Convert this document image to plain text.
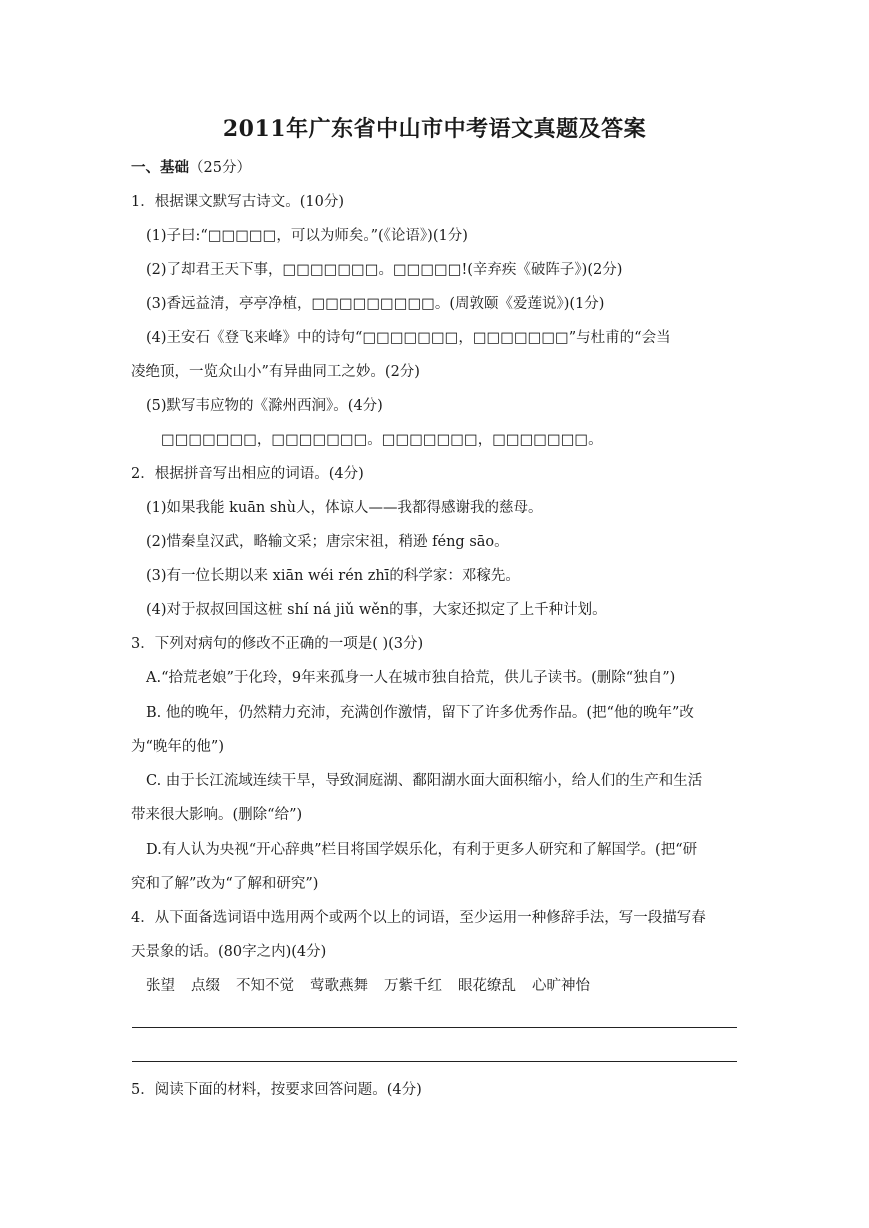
2011年广东省中山市中考语文真题及答案
一、基础（25分）
1．根据课文默写古诗文。(10分)
(1)子曰:“□□□□□，可以为师矣。”(《论语》)(1分)
(2)了却君王天下事，□□□□□□□。□□□□□!(辛弃疾《破阵子》)(2分)
(3)香远益清，亭亭净植，□□□□□□□□□。(周敦颐《爱莲说》)(1分)
(4)王安石《登飞来峰》中的诗句“□□□□□□□，□□□□□□□”与杜甫的“会当
凌绝顶，一览众山小”有异曲同工之妙。(2分)
(5)默写韦应物的《滁州西涧》。(4分)
□□□□□□□，□□□□□□□。□□□□□□□，□□□□□□□。
2．根据拼音写出相应的词语。(4分)
(1)如果我能 kuān shù人，体谅人——我都得感谢我的慈母。
(2)惜秦皇汉武，略输文采；唐宗宋祖，稍逊 féng sāo。
(3)有一位长期以来 xiān wéi rén zhī的科学家：邓稼先。
(4)对于叔叔回国这桩 shí ná jiǔ wěn的事，大家还拟定了上千种计划。
3．下列对病句的修改不正确的一项是( )(3分)
A.“拾荒老娘”于化玲，9年来孤身一人在城市独自拾荒，供儿子读书。(删除“独自”)
B. 他的晚年，仍然精力充沛，充满创作激情，留下了许多优秀作品。(把“他的晚年”改
为“晚年的他”)
C. 由于长江流域连续干旱，导致洞庭湖、鄱阳湖水面大面积缩小，给人们的生产和生活
带来很大影响。(删除“给”)
D.有人认为央视“开心辞典”栏目将国学娱乐化，有利于更多人研究和了解国学。(把“研
究和了解”改为“了解和研究”)
4．从下面备选词语中选用两个或两个以上的词语，至少运用一种修辞手法，写一段描写春
天景象的话。(80字之内)(4分)
张望 点缀 不知不觉 莺歌燕舞 万紫千红 眼花缭乱 心旷神怡
5．阅读下面的材料，按要求回答问题。(4分)
